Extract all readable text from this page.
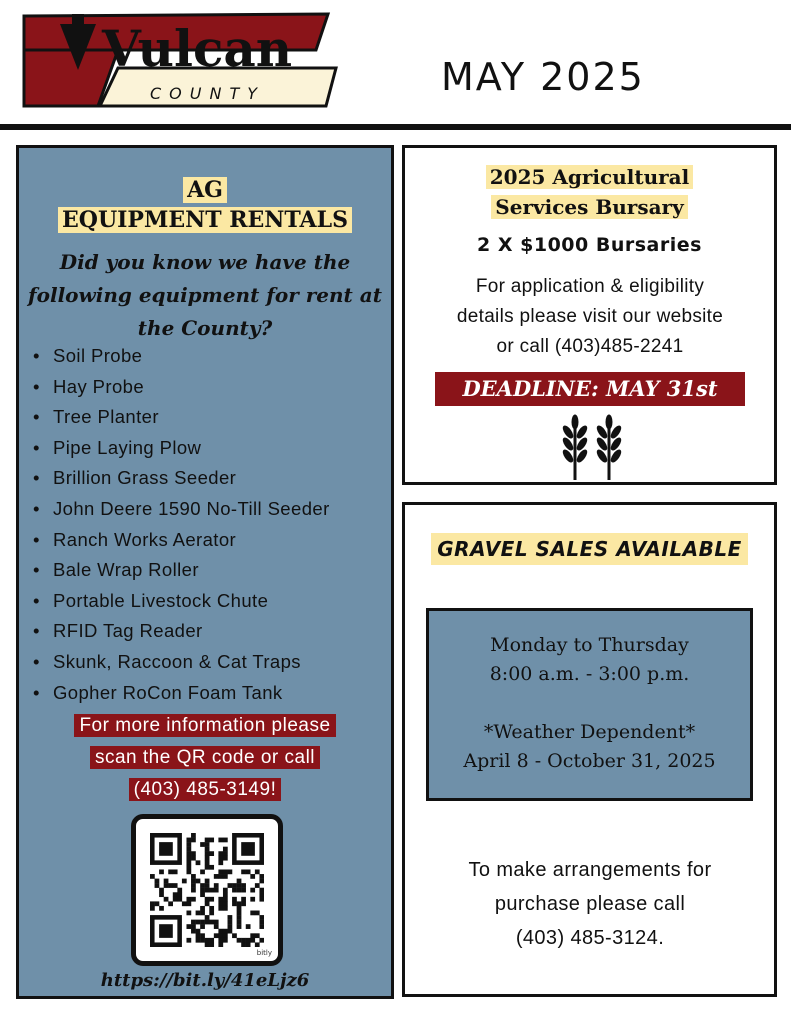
Vulcan
COUNTY	MAY 2025
AG
EQUIPMENT RENTALS
Did you know we have the following equipment for rent at the County?
• Soil Probe
• Hay Probe
• Tree Planter
• Pipe Laying Plow
• Brillion Grass Seeder
• John Deere 1590 No-Till Seeder
• Ranch Works Aerator
• Bale Wrap Roller
• Portable Livestock Chute
• RFID Tag Reader
• Skunk, Raccoon & Cat Traps
• Gopher RoCon Foam Tank
For more information please
scan the QR code or call
(403) 485-3149!
bitly
https://bit.ly/41eLjz6
2025 Agricultural
Services Bursary
2 X $1000 Bursaries
For application & eligibility
details please visit our website
or call (403)485-2241
DEADLINE: MAY 31st
GRAVEL SALES AVAILABLE
Monday to Thursday
8:00 a.m. - 3:00 p.m.

*Weather Dependent*
April 8 - October 31, 2025
To make arrangements for
purchase please call
(403) 485-3124.
